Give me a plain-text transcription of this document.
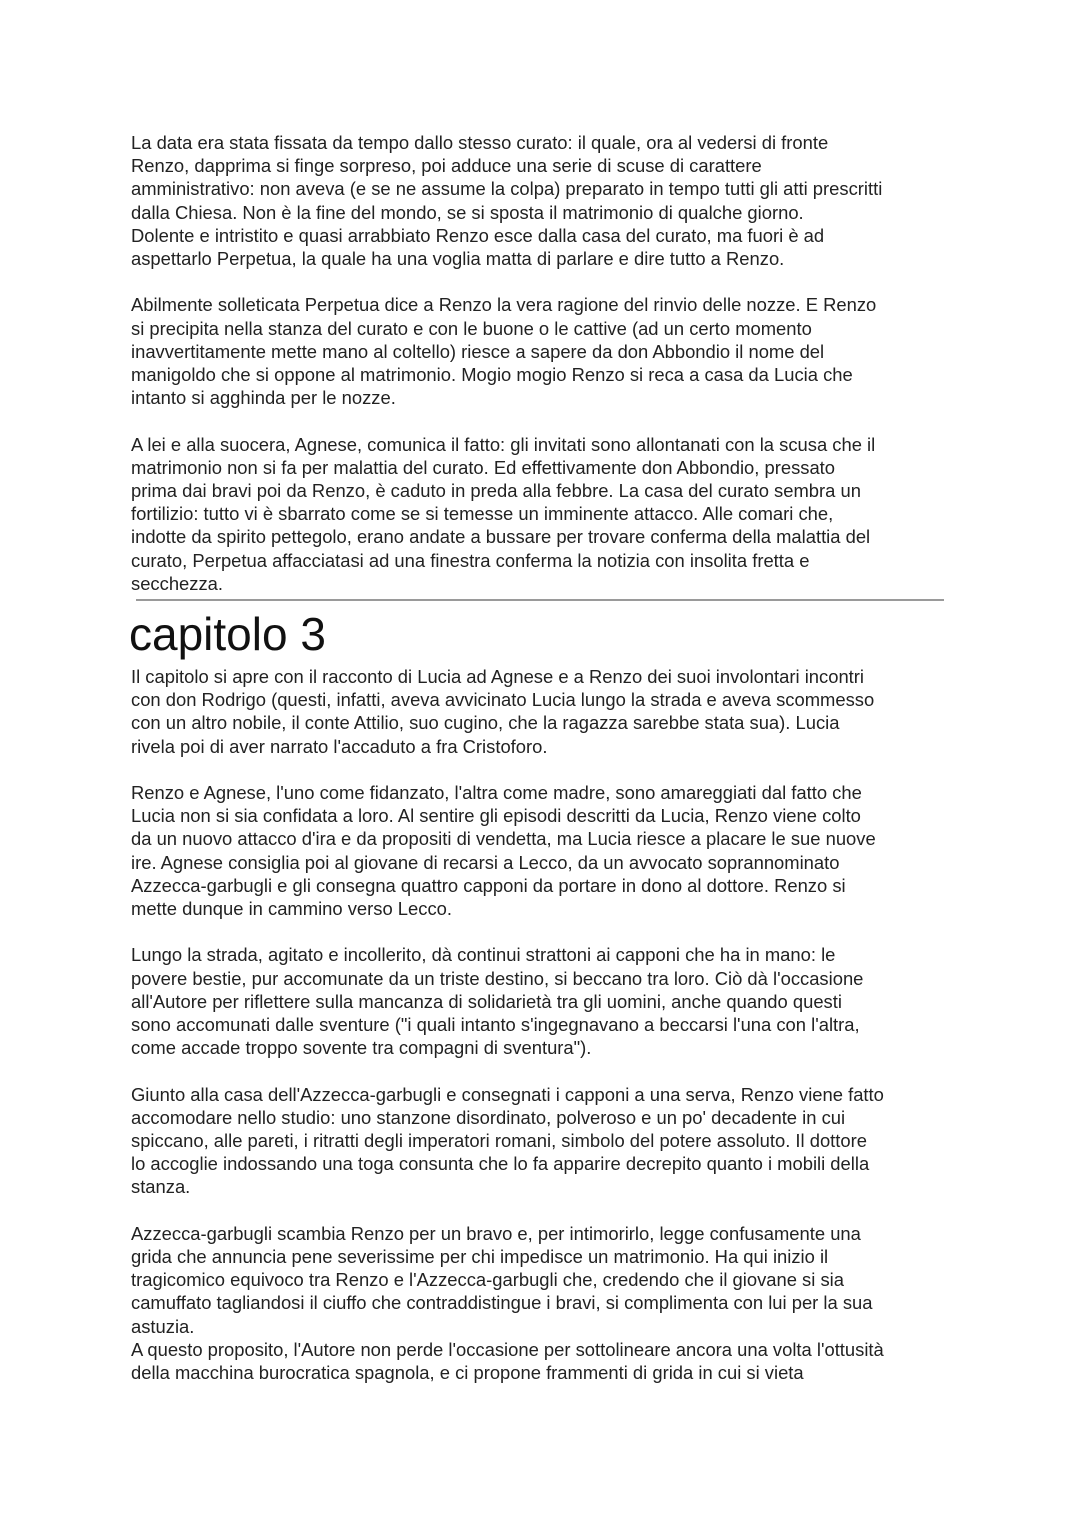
La data era stata fissata da tempo dallo stesso curato: il quale, ora al vedersi di fronte
Renzo, dapprima si finge sorpreso, poi adduce una serie di scuse di carattere
amministrativo: non aveva (e se ne assume la colpa) preparato in tempo tutti gli atti prescritti
dalla Chiesa. Non è la fine del mondo, se si sposta il matrimonio di qualche giorno.
Dolente e intristito e quasi arrabbiato Renzo esce dalla casa del curato, ma fuori è ad
aspettarlo Perpetua, la quale ha una voglia matta di parlare e dire tutto a Renzo.

Abilmente solleticata Perpetua dice a Renzo la vera ragione del rinvio delle nozze. E Renzo
si precipita nella stanza del curato e con le buone o le cattive (ad un certo momento
inavvertitamente mette mano al coltello) riesce a sapere da don Abbondio il nome del
manigoldo che si oppone al matrimonio. Mogio mogio Renzo si reca a casa da Lucia che
intanto si agghinda per le nozze.

A lei e alla suocera, Agnese, comunica il fatto: gli invitati sono allontanati con la scusa che il
matrimonio non si fa per malattia del curato. Ed effettivamente don Abbondio, pressato
prima dai bravi poi da Renzo, è caduto in preda alla febbre. La casa del curato sembra un
fortilizio: tutto vi è sbarrato come se si temesse un imminente attacco. Alle comari che,
indotte da spirito pettegolo, erano andate a bussare per trovare conferma della malattia del
curato, Perpetua affacciatasi ad una finestra conferma la notizia con insolita fretta e
secchezza.

capitolo 3

Il capitolo si apre con il racconto di Lucia ad Agnese e a Renzo dei suoi involontari incontri
con don Rodrigo (questi, infatti, aveva avvicinato Lucia lungo la strada e aveva scommesso
con un altro nobile, il conte Attilio, suo cugino, che la ragazza sarebbe stata sua). Lucia
rivela poi di aver narrato l'accaduto a fra Cristoforo.

Renzo e Agnese, l'uno come fidanzato, l'altra come madre, sono amareggiati dal fatto che
Lucia non si sia confidata a loro. Al sentire gli episodi descritti da Lucia, Renzo viene colto
da un nuovo attacco d'ira e da propositi di vendetta, ma Lucia riesce a placare le sue nuove
ire. Agnese consiglia poi al giovane di recarsi a Lecco, da un avvocato soprannominato
Azzecca-garbugli e gli consegna quattro capponi da portare in dono al dottore. Renzo si
mette dunque in cammino verso Lecco.

Lungo la strada, agitato e incollerito, dà continui strattoni ai capponi che ha in mano: le
povere bestie, pur accomunate da un triste destino, si beccano tra loro. Ciò dà l'occasione
all'Autore per riflettere sulla mancanza di solidarietà tra gli uomini, anche quando questi
sono accomunati dalle sventure ("i quali intanto s'ingegnavano a beccarsi l'una con l'altra,
come accade troppo sovente tra compagni di sventura").

Giunto alla casa dell'Azzecca-garbugli e consegnati i capponi a una serva, Renzo viene fatto
accomodare nello studio: uno stanzone disordinato, polveroso e un po' decadente in cui
spiccano, alle pareti, i ritratti degli imperatori romani, simbolo del potere assoluto. Il dottore
lo accoglie indossando una toga consunta che lo fa apparire decrepito quanto i mobili della
stanza.

Azzecca-garbugli scambia Renzo per un bravo e, per intimorirlo, legge confusamente una
grida che annuncia pene severissime per chi impedisce un matrimonio. Ha qui inizio il
tragicomico equivoco tra Renzo e l'Azzecca-garbugli che, credendo che il giovane si sia
camuffato tagliandosi il ciuffo che contraddistingue i bravi, si complimenta con lui per la sua
astuzia.

A questo proposito, l'Autore non perde l'occasione per sottolineare ancora una volta l'ottusità
della macchina burocratica spagnola, e ci propone frammenti di grida in cui si vieta
